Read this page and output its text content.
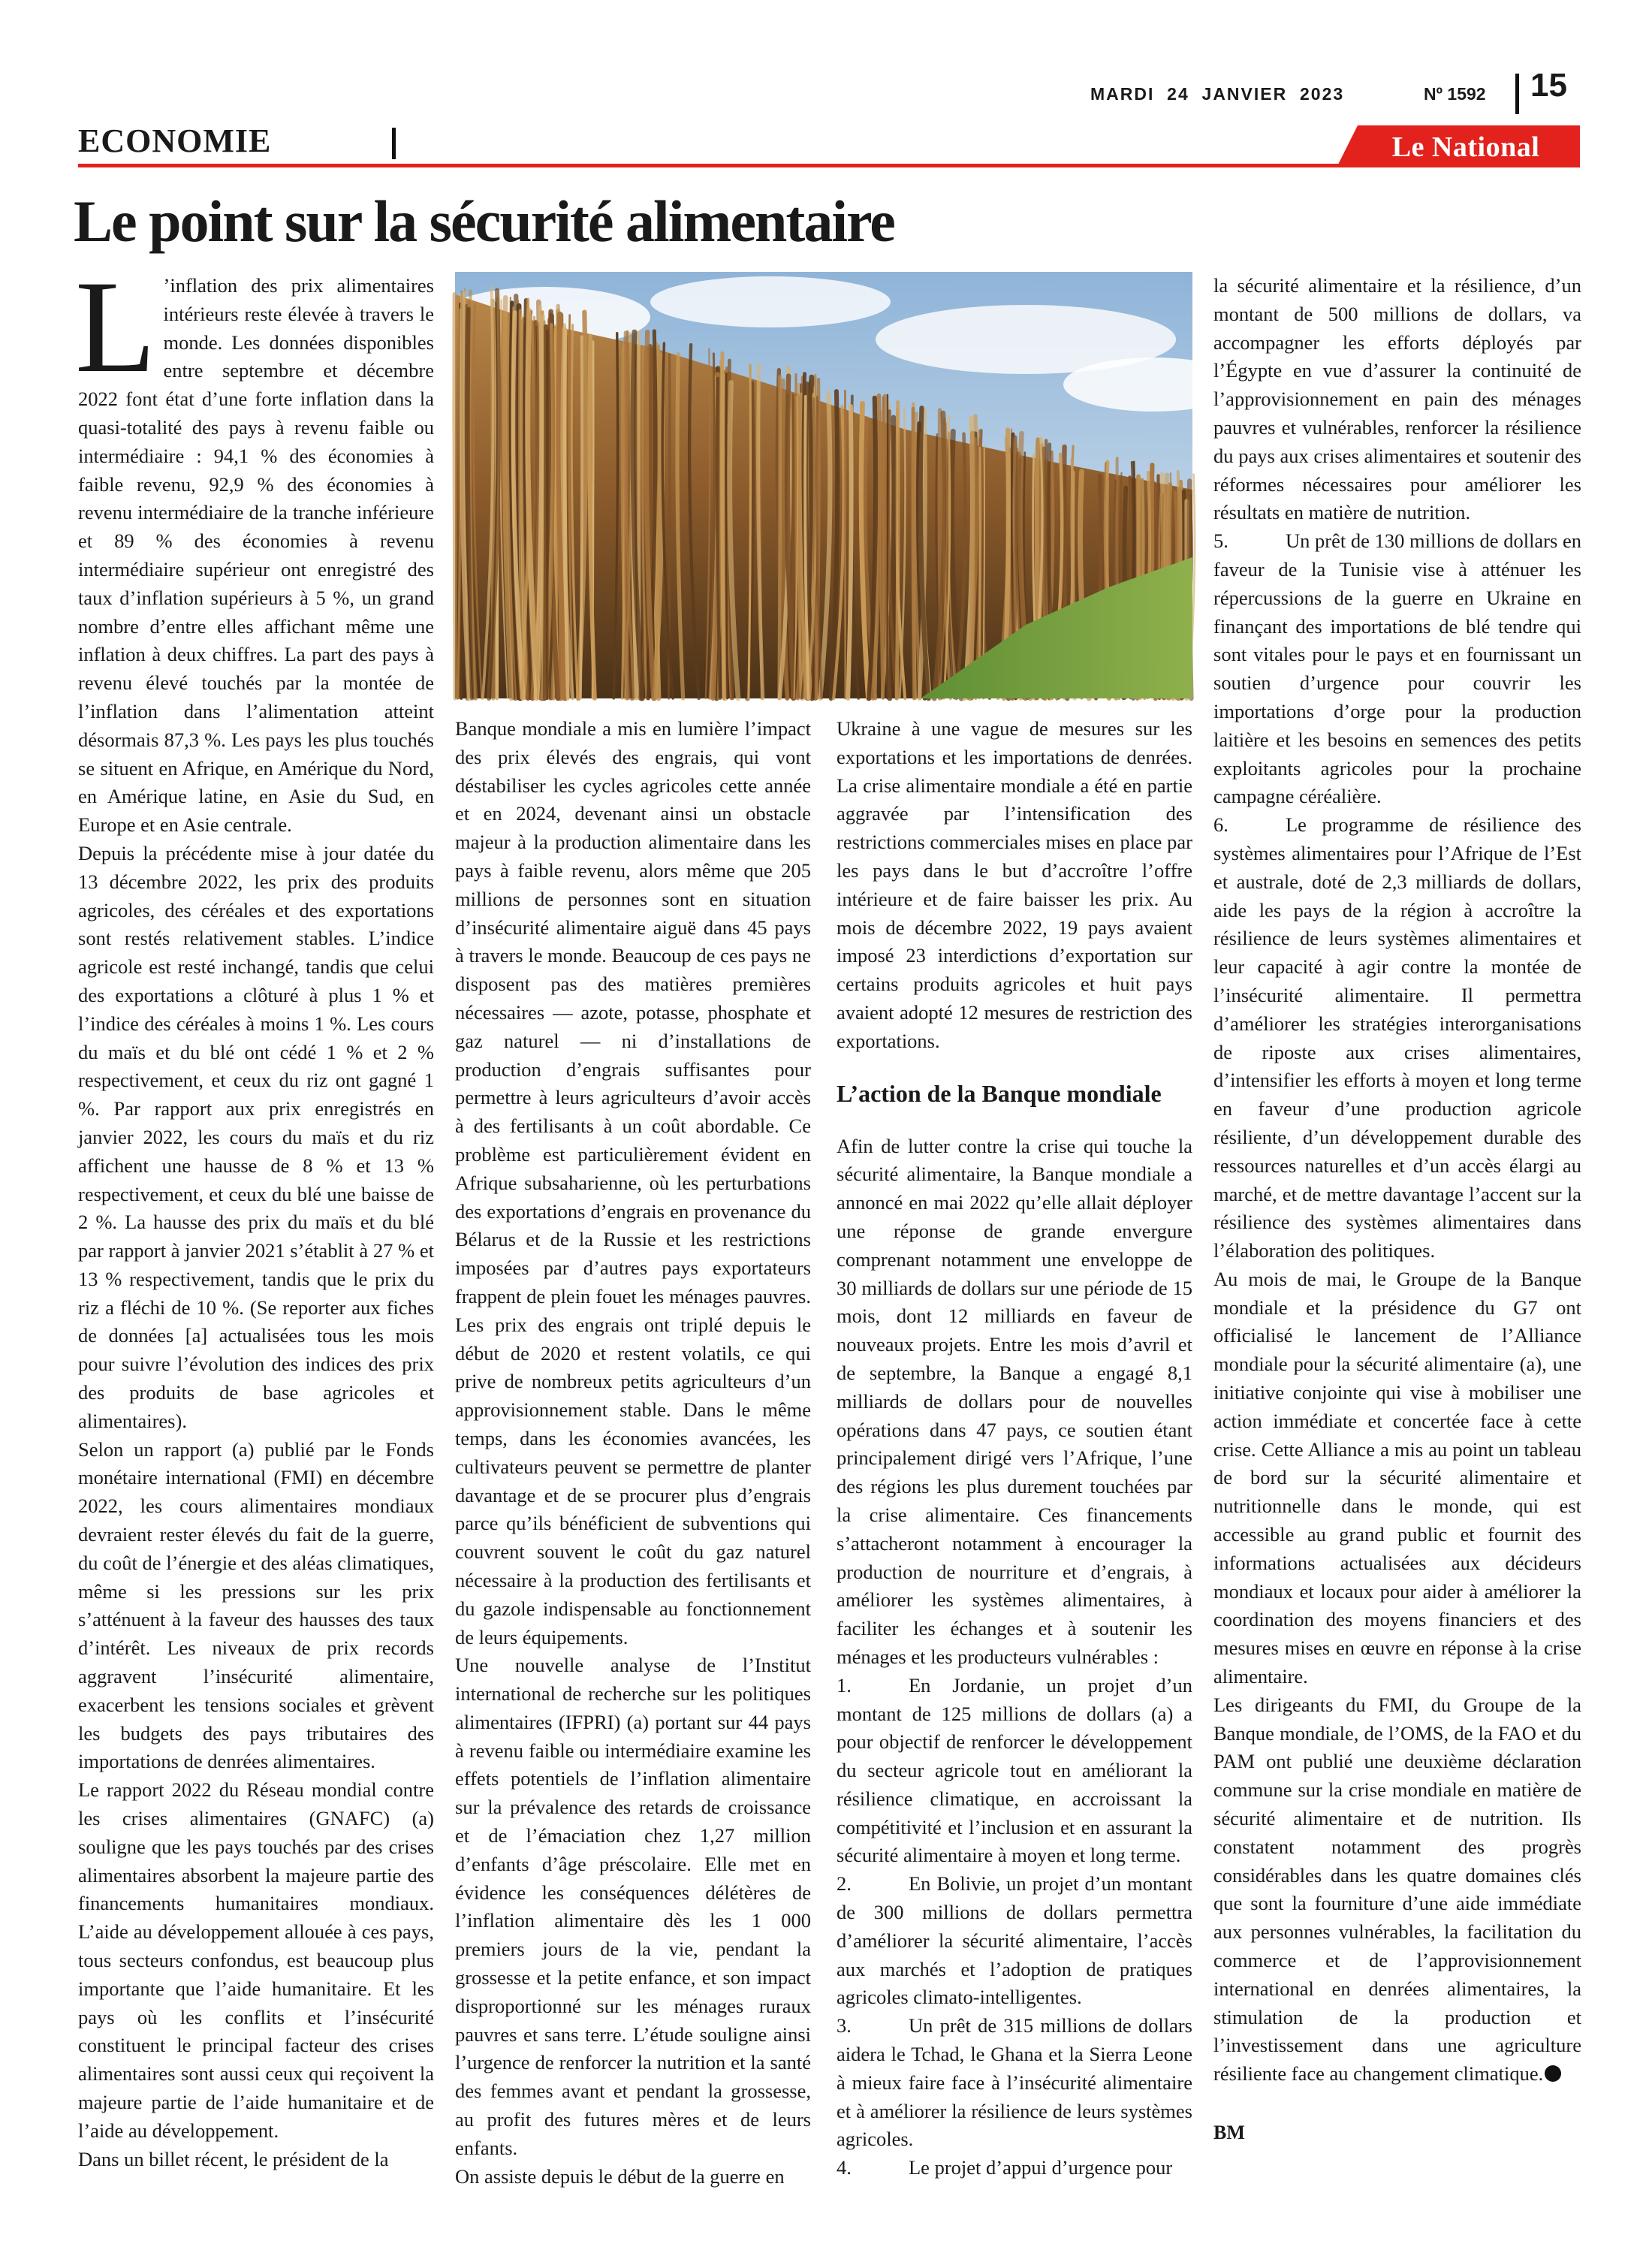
MARDI  24  JANVIER  2023	Nº 1592 15
ECONOMIE	Le National
Le point sur la sécurité alimentaire

L ’inflation des prix alimentaires intérieurs reste élevée à travers le monde. Les données disponibles entre septembre et décembre 2022 font état d’une forte inflation dans la quasi-totalité des pays à revenu faible ou intermédiaire : 94,1 % des économies à faible revenu, 92,9 % des économies à revenu intermédiaire de la tranche inférieure et 89 % des économies à revenu intermédiaire supérieur ont enregistré des taux d’inflation supérieurs à 5 %, un grand nombre d’entre elles affichant même une inflation à deux chiffres. La part des pays à revenu élevé touchés par la montée de l’inflation dans l’alimentation atteint désormais 87,3 %. Les pays les plus touchés se situent en Afrique, en Amérique du Nord, en Amérique latine, en Asie du Sud, en Europe et en Asie centrale.

Depuis la précédente mise à jour datée du 13 décembre 2022, les prix des produits agricoles, des céréales et des exportations sont restés relativement stables. L’indice agricole est resté inchangé, tandis que celui des exportations a clôturé à plus 1 % et l’indice des céréales à moins 1 %. Les cours du maïs et du blé ont cédé 1 % et 2 % respectivement, et ceux du riz ont gagné 1 %. Par rapport aux prix enregistrés en janvier 2022, les cours du maïs et du riz affichent une hausse de 8 % et 13 % respectivement, et ceux du blé une baisse de 2 %. La hausse des prix du maïs et du blé par rapport à janvier 2021 s’établit à 27 % et 13 % respectivement, tandis que le prix du riz a fléchi de 10 %. (Se reporter aux fiches de données [a] actualisées tous les mois pour suivre l’évolution des indices des prix des produits de base agricoles et alimentaires).

Selon un rapport (a) publié par le Fonds monétaire international (FMI) en décembre 2022, les cours alimentaires mondiaux devraient rester élevés du fait de la guerre, du coût de l’énergie et des aléas climatiques, même si les pressions sur les prix s’atténuent à la faveur des hausses des taux d’intérêt. Les niveaux de prix records aggravent l’insécurité alimentaire, exacerbent les tensions sociales et grèvent les budgets des pays tributaires des importations de denrées alimentaires.

Le rapport 2022 du Réseau mondial contre les crises alimentaires (GNAFC) (a) souligne que les pays touchés par des crises alimentaires absorbent la majeure partie des financements humanitaires mondiaux. L’aide au développement allouée à ces pays, tous secteurs confondus, est beaucoup plus importante que l’aide humanitaire. Et les pays où les conflits et l’insécurité constituent le principal facteur des crises alimentaires sont aussi ceux qui reçoivent la majeure partie de l’aide humanitaire et de l’aide au développement.

Dans un billet récent, le président de la

Banque mondiale a mis en lumière l’impact des prix élevés des engrais, qui vont déstabiliser les cycles agricoles cette année et en 2024, devenant ainsi un obstacle majeur à la production alimentaire dans les pays à faible revenu, alors même que 205 millions de personnes sont en situation d’insécurité alimentaire aiguë dans 45 pays à travers le monde. Beaucoup de ces pays ne disposent pas des matières premières nécessaires — azote, potasse, phosphate et gaz naturel — ni d’installations de production d’engrais suffisantes pour permettre à leurs agriculteurs d’avoir accès à des fertilisants à un coût abordable. Ce problème est particulièrement évident en Afrique subsaharienne, où les perturbations des exportations d’engrais en provenance du Bélarus et de la Russie et les restrictions imposées par d’autres pays exportateurs frappent de plein fouet les ménages pauvres. Les prix des engrais ont triplé depuis le début de 2020 et restent volatils, ce qui prive de nombreux petits agriculteurs d’un approvisionnement stable. Dans le même temps, dans les économies avancées, les cultivateurs peuvent se permettre de planter davantage et de se procurer plus d’engrais parce qu’ils bénéficient de subventions qui couvrent souvent le coût du gaz naturel nécessaire à la production des fertilisants et du gazole indispensable au fonctionnement de leurs équipements.

Une nouvelle analyse de l’Institut international de recherche sur les politiques alimentaires (IFPRI) (a) portant sur 44 pays à revenu faible ou intermédiaire examine les effets potentiels de l’inflation alimentaire sur la prévalence des retards de croissance et de l’émaciation chez 1,27 million d’enfants d’âge préscolaire. Elle met en évidence les conséquences délétères de l’inflation alimentaire dès les 1 000 premiers jours de la vie, pendant la grossesse et la petite enfance, et son impact disproportionné sur les ménages ruraux pauvres et sans terre. L’étude souligne ainsi l’urgence de renforcer la nutrition et la santé des femmes avant et pendant la grossesse, au profit des futures mères et de leurs enfants.

On assiste depuis le début de la guerre en

Ukraine à une vague de mesures sur les exportations et les importations de denrées. La crise alimentaire mondiale a été en partie aggravée par l’intensification des restrictions commerciales mises en place par les pays dans le but d’accroître l’offre intérieure et de faire baisser les prix. Au mois de décembre 2022, 19 pays avaient imposé 23 interdictions d’exportation sur certains produits agricoles et huit pays avaient adopté 12 mesures de restriction des exportations.

L’action de la Banque mondiale

Afin de lutter contre la crise qui touche la sécurité alimentaire, la Banque mondiale a annoncé en mai 2022 qu’elle allait déployer une réponse de grande envergure comprenant notamment une enveloppe de 30 milliards de dollars sur une période de 15 mois, dont 12 milliards en faveur de nouveaux projets. Entre les mois d’avril et de septembre, la Banque a engagé 8,1 milliards de dollars pour de nouvelles opérations dans 47 pays, ce soutien étant principalement dirigé vers l’Afrique, l’une des régions les plus durement touchées par la crise alimentaire. Ces financements s’attacheront notamment à encourager la production de nourriture et d’engrais, à améliorer les systèmes alimentaires, à faciliter les échanges et à soutenir les ménages et les producteurs vulnérables :

1.	En Jordanie, un projet d’un montant de 125 millions de dollars (a) a pour objectif de renforcer le développement du secteur agricole tout en améliorant la résilience climatique, en accroissant la compétitivité et l’inclusion et en assurant la sécurité alimentaire à moyen et long terme.

2.	En Bolivie, un projet d’un montant de 300 millions de dollars permettra d’améliorer la sécurité alimentaire, l’accès aux marchés et l’adoption de pratiques agricoles climato-intelligentes.

3.	Un prêt de 315 millions de dollars aidera le Tchad, le Ghana et la Sierra Leone à mieux faire face à l’insécurité alimentaire et à améliorer la résilience de leurs systèmes agricoles.

4.	Le projet d’appui d’urgence pour

la sécurité alimentaire et la résilience, d’un montant de 500 millions de dollars, va accompagner les efforts déployés par l’Égypte en vue d’assurer la continuité de l’approvisionnement en pain des ménages pauvres et vulnérables, renforcer la résilience du pays aux crises alimentaires et soutenir des réformes nécessaires pour améliorer les résultats en matière de nutrition.

5.	Un prêt de 130 millions de dollars en faveur de la Tunisie vise à atténuer les répercussions de la guerre en Ukraine en finançant des importations de blé tendre qui sont vitales pour le pays et en fournissant un soutien d’urgence pour couvrir les importations d’orge pour la production laitière et les besoins en semences des petits exploitants agricoles pour la prochaine campagne céréalière.

6.	Le programme de résilience des systèmes alimentaires pour l’Afrique de l’Est et australe, doté de 2,3 milliards de dollars, aide les pays de la région à accroître la résilience de leurs systèmes alimentaires et leur capacité à agir contre la montée de l’insécurité alimentaire. Il permettra d’améliorer les stratégies interorganisations de riposte aux crises alimentaires, d’intensifier les efforts à moyen et long terme en faveur d’une production agricole résiliente, d’un développement durable des ressources naturelles et d’un accès élargi au marché, et de mettre davantage l’accent sur la résilience des systèmes alimentaires dans l’élaboration des politiques.

Au mois de mai, le Groupe de la Banque mondiale et la présidence du G7 ont officialisé le lancement de l’Alliance mondiale pour la sécurité alimentaire (a), une initiative conjointe qui vise à mobiliser une action immédiate et concertée face à cette crise. Cette Alliance a mis au point un tableau de bord sur la sécurité alimentaire et nutritionnelle dans le monde, qui est accessible au grand public et fournit des informations actualisées aux décideurs mondiaux et locaux pour aider à améliorer la coordination des moyens financiers et des mesures mises en œuvre en réponse à la crise alimentaire.

Les dirigeants du FMI, du Groupe de la Banque mondiale, de l’OMS, de la FAO et du PAM ont publié une deuxième déclaration commune sur la crise mondiale en matière de sécurité alimentaire et de nutrition. Ils constatent notamment des progrès considérables dans les quatre domaines clés que sont la fourniture d’une aide immédiate aux personnes vulnérables, la facilitation du commerce et de l’approvisionnement international en denrées alimentaires, la stimulation de la production et l’investissement dans une agriculture résiliente face au changement climatique.

BM
